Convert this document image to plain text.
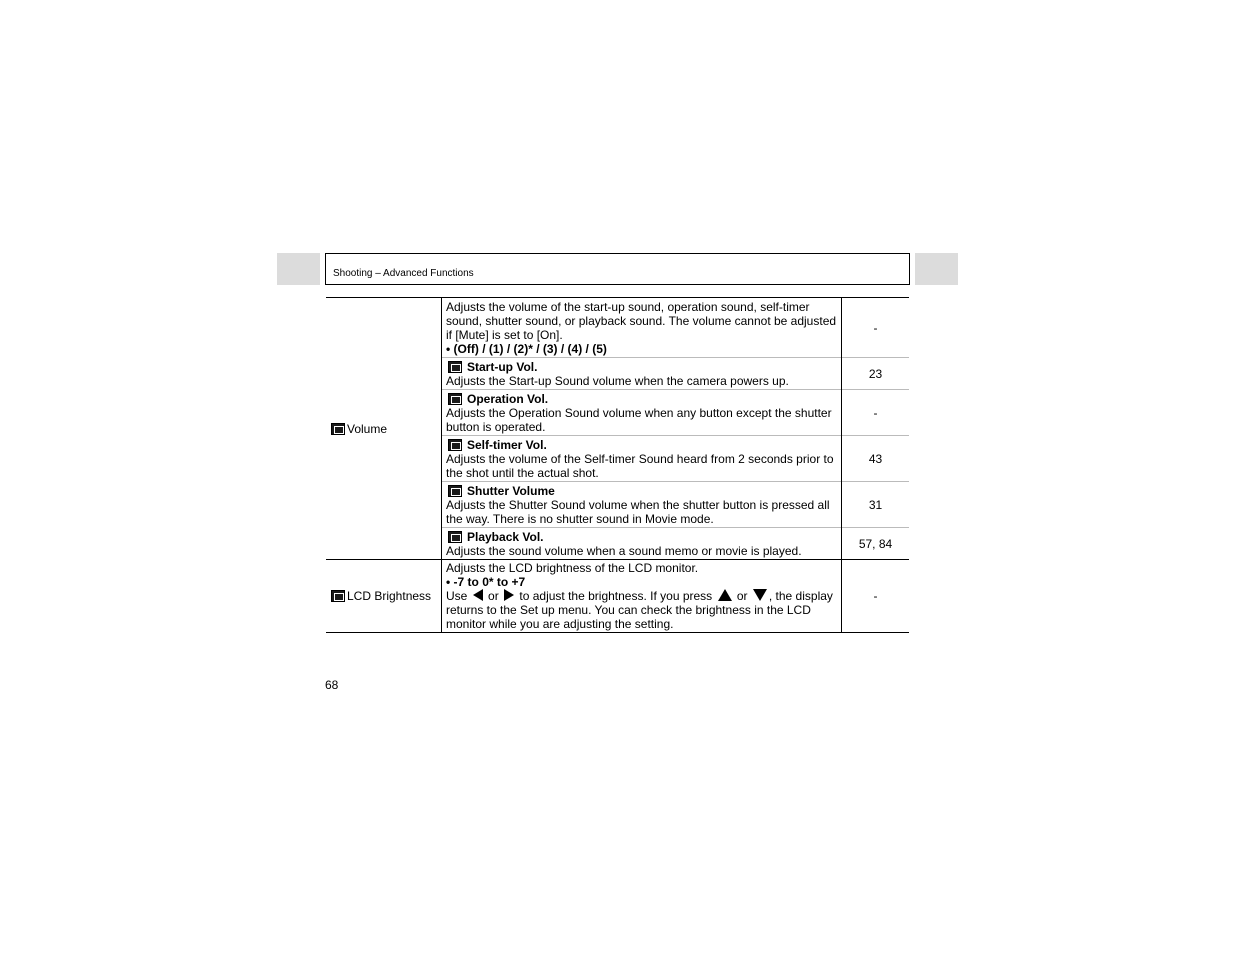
Shooting – Advanced Functions
Volume	Adjusts the volume of the start-up sound, operation sound, self-timer sound, shutter sound, or playback sound. The volume cannot be adjusted if [Mute] is set to [On].
• (Off) / (1) / (2)* / (3) / (4) / (5)	-

	Start-up Vol.
Adjusts the Start-up Sound volume when the camera powers up.	23

	Operation Vol.
Adjusts the Operation Sound volume when any button except the shutter button is operated.	-

	Self-timer Vol.
Adjusts the volume of the Self-timer Sound heard from 2 seconds prior to the shot until the actual shot.	43

	Shutter Volume
Adjusts the Shutter Sound volume when the shutter button is pressed all the way. There is no shutter sound in Movie mode.	31

	Playback Vol.
Adjusts the sound volume when a sound memo or movie is played.	57, 84
LCD Brightness	Adjusts the LCD brightness of the LCD monitor.
• -7 to 0* to +7
Use or to adjust the brightness. If you press or , the display returns to the Set up menu. You can check the brightness in the LCD monitor while you are adjusting the setting.	-
68
